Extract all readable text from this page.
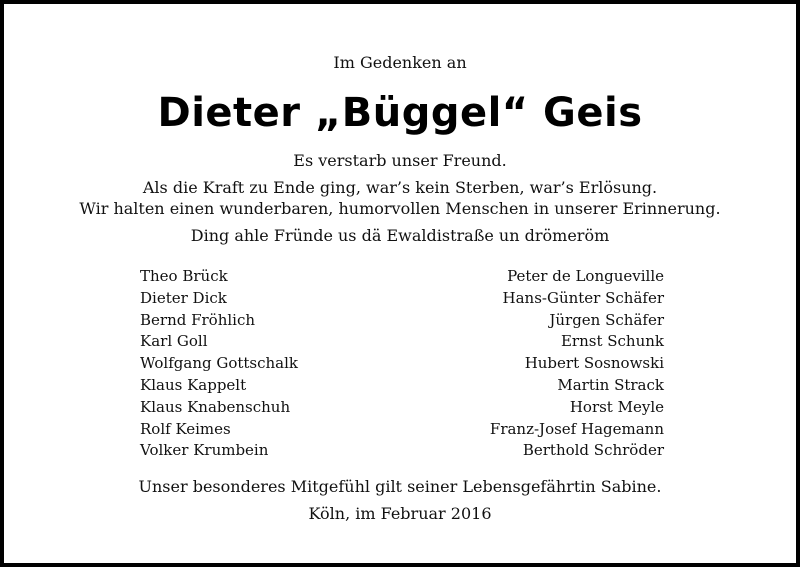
Im Gedenken an
Dieter „Büggel“ Geis
Es verstarb unser Freund.
Als die Kraft zu Ende ging, war’s kein Sterben, war’s Erlösung.
Wir halten einen wunderbaren, humorvollen Menschen in unserer Erinnerung.
Ding ahle Fründe us dä Ewaldistraße un drömeröm
Theo Brück
Dieter Dick
Bernd Fröhlich
Karl Goll
Wolfgang Gottschalk
Klaus Kappelt
Klaus Knabenschuh
Rolf Keimes
Volker Krumbein
Peter de Longueville
Hans-Günter Schäfer
Jürgen Schäfer
Ernst Schunk
Hubert Sosnowski
Martin Strack
Horst Meyle
Franz-Josef Hagemann
Berthold Schröder
Unser besonderes Mitgefühl gilt seiner Lebensgefährtin Sabine.
Köln, im Februar 2016
